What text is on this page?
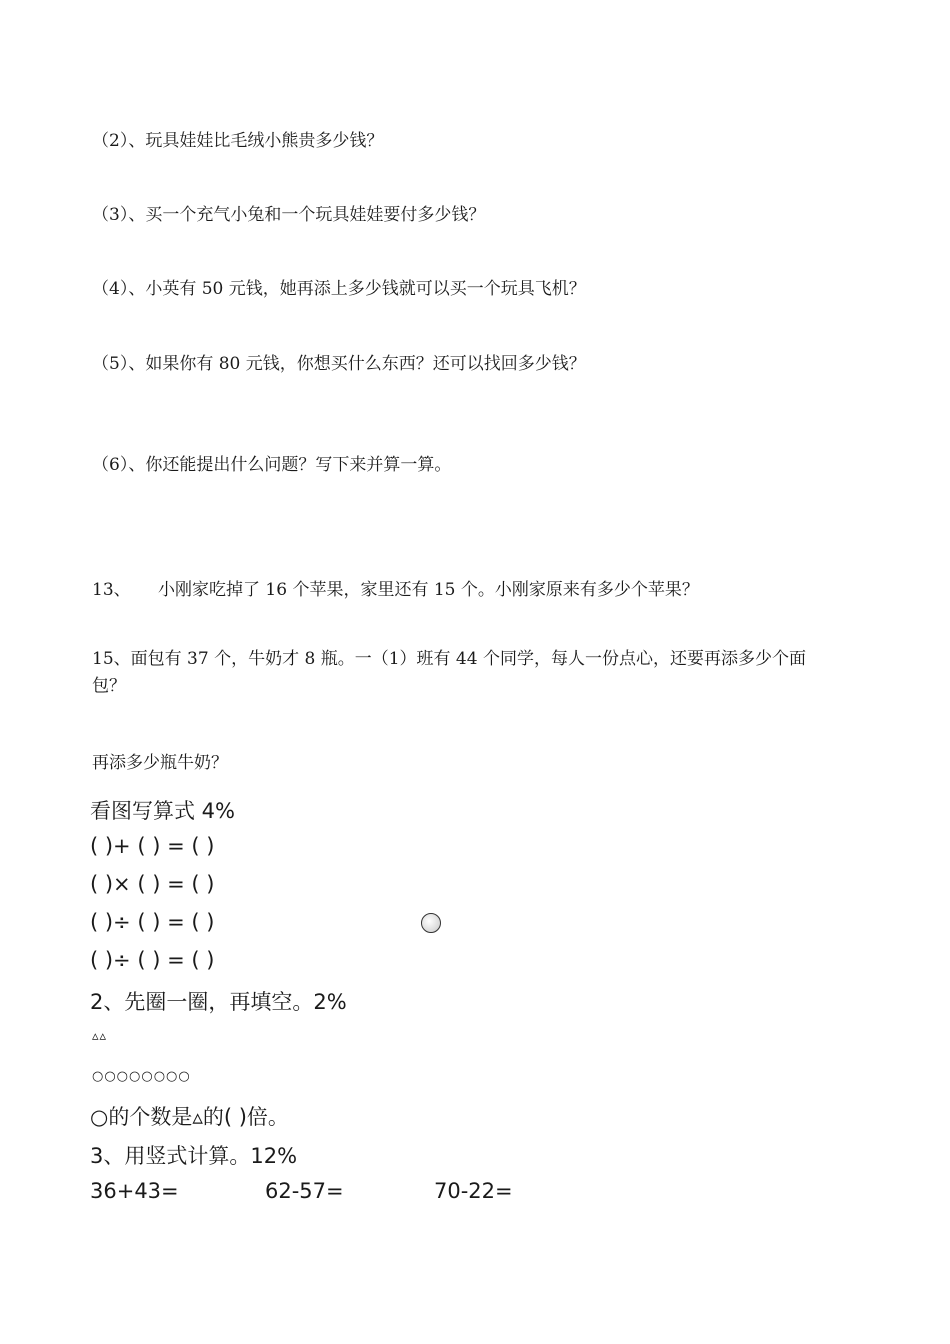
（2）、玩具娃娃比毛绒小熊贵多少钱？
（3）、买一个充气小兔和一个玩具娃娃要付多少钱？
（4）、小英有 50 元钱，她再添上多少钱就可以买一个玩具飞机？
（5）、如果你有 80 元钱，你想买什么东西？还可以找回多少钱？
（6）、你还能提出什么问题？写下来并算一算。
13、 小刚家吃掉了 16 个苹果，家里还有 15 个。小刚家原来有多少个苹果？
15、面包有 37 个，牛奶才 8 瓶。一（1）班有 44 个同学，每人一份点心，还要再添多少个面包？
再添多少瓶牛奶？
看图写算式 4%
( )+ ( ) = ( )
( )× ( ) = ( )
( )÷ ( ) = ( )
( )÷ ( ) = ( )
2、先圈一圈，再填空。2%
▵▵
○○○○○○○○
○的个数是▵的( )倍。
3、用竖式计算。12%
36+43=	62-57=	70-22=
